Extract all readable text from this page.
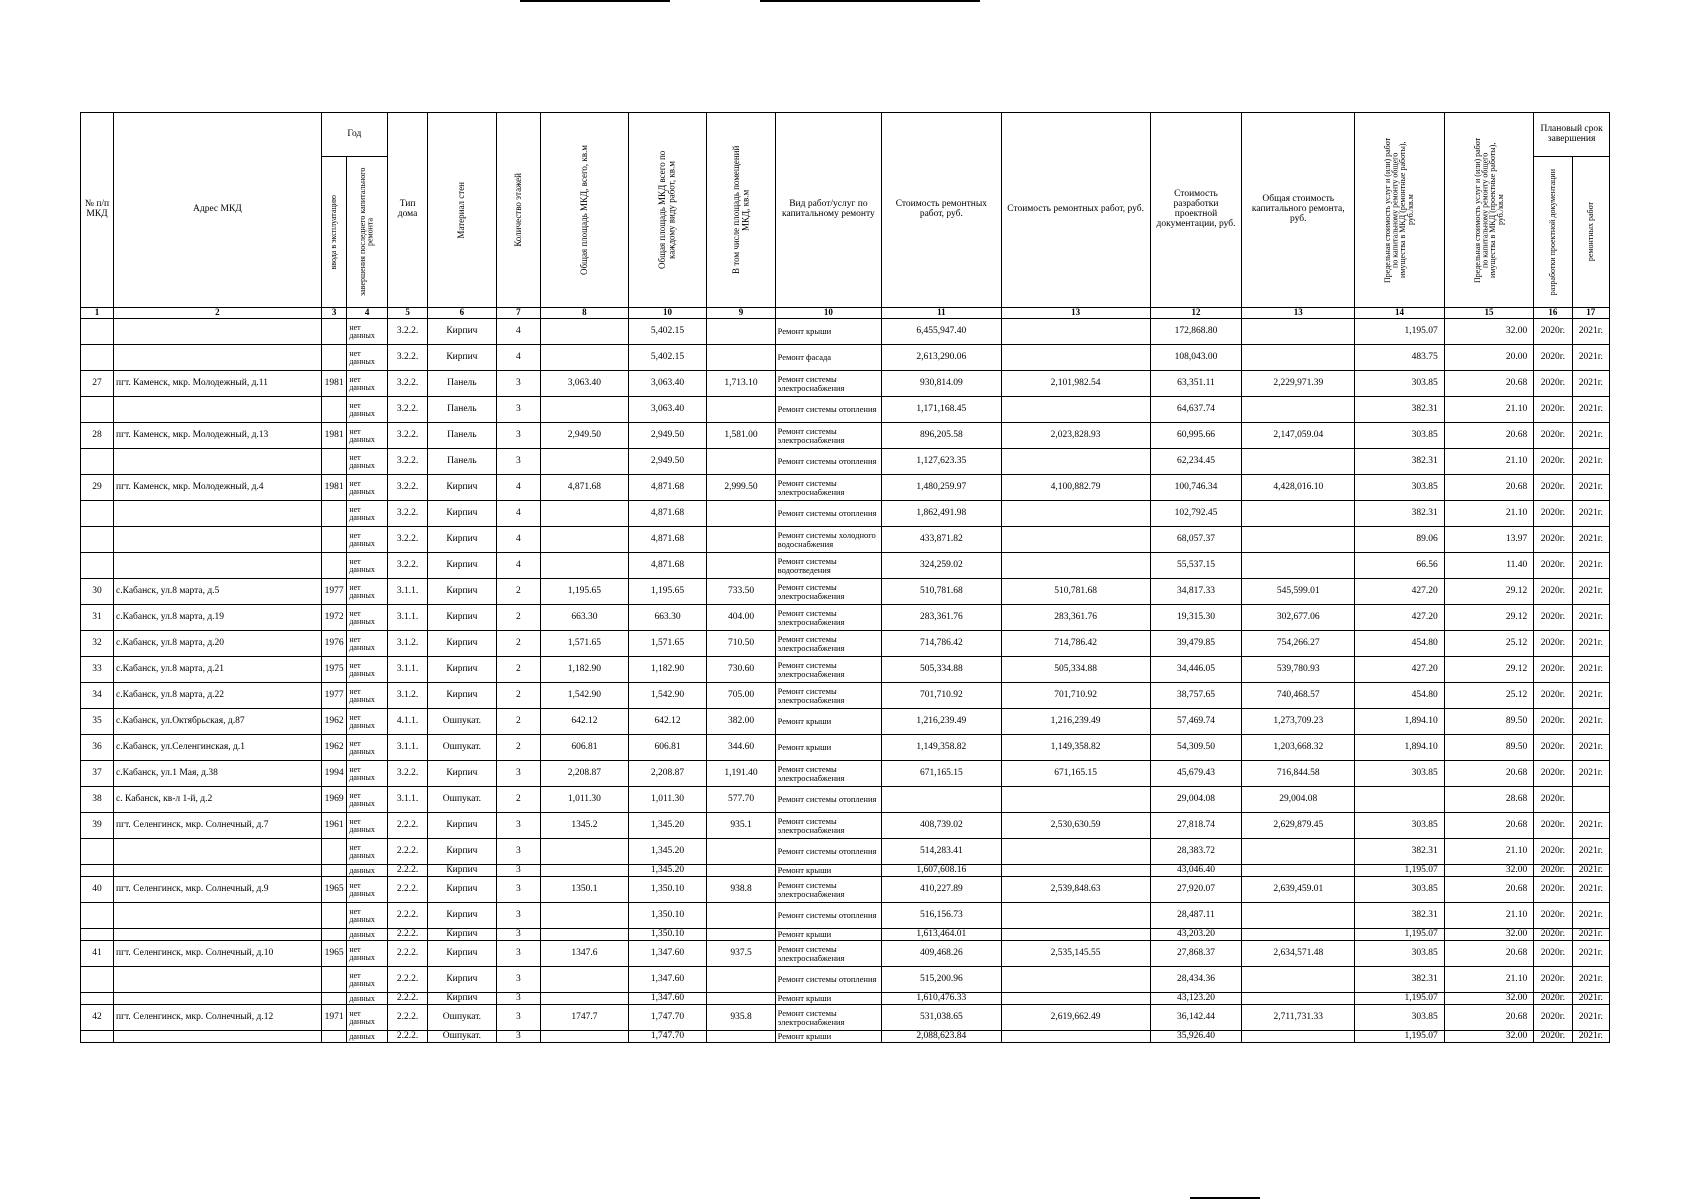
№ п/п МКД	Адрес МКД	Год		Тип дома	Материал стен	Количество этажей	Общая площадь МКД, всего, кв.м	Общая площадь МКД всего по каждому виду работ, кв.м	В том числе площадь помещений МКД, кв.м	Вид работ/услуг по капитальному ремонту	Стоимость ремонтных работ, руб.	Стоимость ремонтных работ, руб.	Стоимость разработки проектной документации, руб.	Общая стоимость капитального ремонта, руб.	Предельная стоимость услуг и (или) работ по капитальному ремонту общего имущества в МКД (ремонтные работы), руб./кв.м	Предельная стоимость услуг и (или) работ по капитальному ремонту общего имущества в МКД (проектные работы), руб./кв.м	Плановый срок завершения	

		ввода в эксплуатацию	завершения последнего капитального ремонта														разработки проектной документации	ремонтных работ

1	2	3	4	5	6	7	8	10	9	10	11	13	12	13	14	15	16	17
			нет данных	3.2.2.	Кирпич	4		5,402.15		Ремонт крыши	6,455,947.40		172,868.80		1,195.07	32.00	2020г.	2021г.
			нет данных	3.2.2.	Кирпич	4		5,402.15		Ремонт фасада	2,613,290.06		108,043.00		483.75	20.00	2020г.	2021г.
27	пгт. Каменск, мкр. Молодежный, д.11	1981	нет данных	3.2.2.	Панель	3	3,063.40	3,063.40	1,713.10	Ремонт системы электроснабжения	930,814.09	2,101,982.54	63,351.11	2,229,971.39	303.85	20.68	2020г.	2021г.
			нет данных	3.2.2.	Панель	3		3,063.40		Ремонт системы отопления	1,171,168.45		64,637.74		382.31	21.10	2020г.	2021г.
28	пгт. Каменск, мкр. Молодежный, д.13	1981	нет данных	3.2.2.	Панель	3	2,949.50	2,949.50	1,581.00	Ремонт системы электроснабжения	896,205.58	2,023,828.93	60,995.66	2,147,059.04	303.85	20.68	2020г.	2021г.
			нет данных	3.2.2.	Панель	3		2,949.50		Ремонт системы отопления	1,127,623.35		62,234.45		382.31	21.10	2020г.	2021г.
29	пгт. Каменск, мкр. Молодежный, д.4	1981	нет данных	3.2.2.	Кирпич	4	4,871.68	4,871.68	2,999.50	Ремонт системы электроснабжения	1,480,259.97	4,100,882.79	100,746.34	4,428,016.10	303.85	20.68	2020г.	2021г.
			нет данных	3.2.2.	Кирпич	4		4,871.68		Ремонт системы отопления	1,862,491.98		102,792.45		382.31	21.10	2020г.	2021г.
			нет данных	3.2.2.	Кирпич	4		4,871.68		Ремонт системы холодного водоснабжения	433,871.82		68,057.37		89.06	13.97	2020г.	2021г.
			нет данных	3.2.2.	Кирпич	4		4,871.68		Ремонт системы водоотведения	324,259.02		55,537.15		66.56	11.40	2020г.	2021г.
30	с.Кабанск, ул.8 марта, д.5	1977	нет данных	3.1.1.	Кирпич	2	1,195.65	1,195.65	733.50	Ремонт системы электроснабжения	510,781.68	510,781.68	34,817.33	545,599.01	427.20	29.12	2020г.	2021г.
31	с.Кабанск, ул.8 марта, д.19	1972	нет данных	3.1.1.	Кирпич	2	663.30	663.30	404.00	Ремонт системы электроснабжения	283,361.76	283,361.76	19,315.30	302,677.06	427.20	29.12	2020г.	2021г.
32	с.Кабанск, ул.8 марта, д.20	1976	нет данных	3.1.2.	Кирпич	2	1,571.65	1,571.65	710.50	Ремонт системы электроснабжения	714,786.42	714,786.42	39,479.85	754,266.27	454.80	25.12	2020г.	2021г.
33	с.Кабанск, ул.8 марта, д.21	1975	нет данных	3.1.1.	Кирпич	2	1,182.90	1,182.90	730.60	Ремонт системы электроснабжения	505,334.88	505,334.88	34,446.05	539,780.93	427.20	29.12	2020г.	2021г.
34	с.Кабанск, ул.8 марта, д.22	1977	нет данных	3.1.2.	Кирпич	2	1,542.90	1,542.90	705.00	Ремонт системы электроснабжения	701,710.92	701,710.92	38,757.65	740,468.57	454.80	25.12	2020г.	2021г.
35	с.Кабанск, ул.Октябрьская, д.87	1962	нет данных	4.1.1.	Ошпукат.	2	642.12	642.12	382.00	Ремонт крыши	1,216,239.49	1,216,239.49	57,469.74	1,273,709.23	1,894.10	89.50	2020г.	2021г.
36	с.Кабанск, ул.Селенгинская, д.1	1962	нет данных	3.1.1.	Ошпукат.	2	606.81	606.81	344.60	Ремонт крыши	1,149,358.82	1,149,358.82	54,309.50	1,203,668.32	1,894.10	89.50	2020г.	2021г.
37	с.Кабанск, ул.1 Мая, д.38	1994	нет данных	3.2.2.	Кирпич	3	2,208.87	2,208.87	1,191.40	Ремонт системы электроснабжения	671,165.15	671,165.15	45,679.43	716,844.58	303.85	20.68	2020г.	2021г.
38	с. Кабанск, кв-л 1-й, д.2	1969	нет данных	3.1.1.	Ошпукат.	2	1,011.30	1,011.30	577.70	Ремонт системы отопления			29,004.08	29,004.08		28.68	2020г.	
39	пгт. Селенгинск, мкр. Солнечный, д.7	1961	нет данных	2.2.2.	Кирпич	3	1345.2	1,345.20	935.1	Ремонт системы электроснабжения	408,739.02	2,530,630.59	27,818.74	2,629,879.45	303.85	20.68	2020г.	2021г.
			нет данных	2.2.2.	Кирпич	3		1,345.20		Ремонт системы отопления	514,283.41		28,383.72		382.31	21.10	2020г.	2021г.
			данных	2.2.2.	Кирпич	3		1,345.20		Ремонт крыши	1,607,608.16		43,046.40		1,195.07	32.00	2020г.	2021г.
40	пгт. Селенгинск, мкр. Солнечный, д.9	1965	нет данных	2.2.2.	Кирпич	3	1350.1	1,350.10	938.8	Ремонт системы электроснабжения	410,227.89	2,539,848.63	27,920.07	2,639,459.01	303.85	20.68	2020г.	2021г.
			нет данных	2.2.2.	Кирпич	3		1,350.10		Ремонт системы отопления	516,156.73		28,487.11		382.31	21.10	2020г.	2021г.
			данных	2.2.2.	Кирпич	3		1,350.10		Ремонт крыши	1,613,464.01		43,203.20		1,195.07	32.00	2020г.	2021г.
41	пгт. Селенгинск, мкр. Солнечный, д.10	1965	нет данных	2.2.2.	Кирпич	3	1347.6	1,347.60	937.5	Ремонт системы электроснабжения	409,468.26	2,535,145.55	27,868.37	2,634,571.48	303.85	20.68	2020г.	2021г.
			нет данных	2.2.2.	Кирпич	3		1,347.60		Ремонт системы отопления	515,200.96		28,434.36		382.31	21.10	2020г.	2021г.
			данных	2.2.2.	Кирпич	3		1,347.60		Ремонт крыши	1,610,476.33		43,123.20		1,195.07	32.00	2020г.	2021г.
42	пгт. Селенгинск, мкр. Солнечный, д.12	1971	нет данных	2.2.2.	Ошпукат.	3	1747.7	1,747.70	935.8	Ремонт системы электроснабжения	531,038.65	2,619,662.49	36,142.44	2,711,731.33	303.85	20.68	2020г.	2021г.
			данных	2.2.2.	Ошпукат.	3		1,747.70		Ремонт крыши	2,088,623.84		35,926.40		1,195.07	32.00	2020г.	2021г.
